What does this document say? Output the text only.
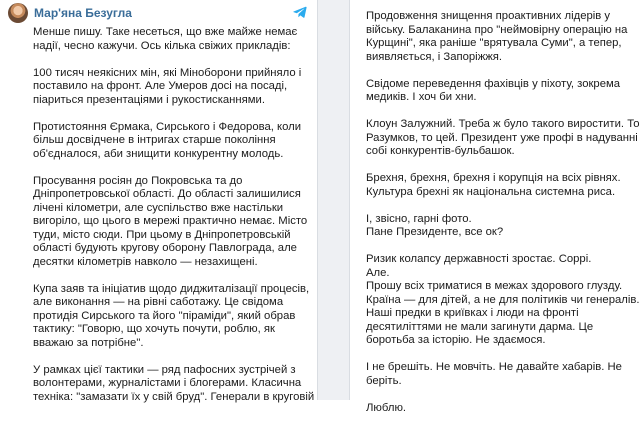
Мар'яна Безугла

Менше пишу. Таке несеться, що вже майже немає надії, чесно кажучи. Ось кілька свіжих прикладів:

100 тисяч неякісних мін, які Міноборони прийняло і поставило на фронт. Але Умеров досі на посаді, піариться презентаціями і рукостисканнями.

Протистояння Єрмака, Сирського і Федорова, коли більш досвідчене в інтригах старше покоління об'єдналося, аби знищити конкурентну молодь.

Просування росіян до Покровська та до Дніпропетровської області. До області залишилися лічені кілометри, але суспільство вже настільки вигоріло, що цього в мережі практично немає. Місто туди, місто сюди. При цьому в Дніпропетровській області будують кругову оборону Павлограда, але десятки кілометрів навколо — незахищені.

Купа заяв та ініціатив щодо диджиталізації процесів, але виконання — на рівні саботажу. Це свідома протидія Сирського та його "піраміди", який обрав тактику: "Говорю, що хочуть почути, роблю, як вважаю за потрібне".

У рамках цієї тактики — ряд пафосних зустрічей з волонтерами, журналістами і блогерами. Класична техніка: "замазати їх у свій бруд". Генерали в круговій

Продовження знищення проактивних лідерів у війську. Балаканина про "неймовірну операцію на Курщині", яка раніше "врятувала Суми", а тепер, виявляється, і Запоріжжя.

Свідоме переведення фахівців у піхоту, зокрема медиків. І хоч би хни.

Клоун Залужний. Треба ж було такого виростити. То Разумков, то цей. Президент уже профі в надуванні собі конкурентів-бульбашок.

Брехня, брехня, брехня і корупція на всіх рівнях. Культура брехні як національна системна риса.

І, звісно, гарні фото.
Пане Президенте, все ок?

Ризик колапсу державності зростає. Соррі.
Але.
Прошу всіх триматися в межах здорового глузду. Країна — для дітей, а не для політиків чи генералів. Наші предки в криївках і люди на фронті десятиліттями не мали загинути дарма. Це боротьба за історію. Не здаємося.

І не брешіть. Не мовчіть. Не давайте хабарів. Не беріть.

Люблю.
